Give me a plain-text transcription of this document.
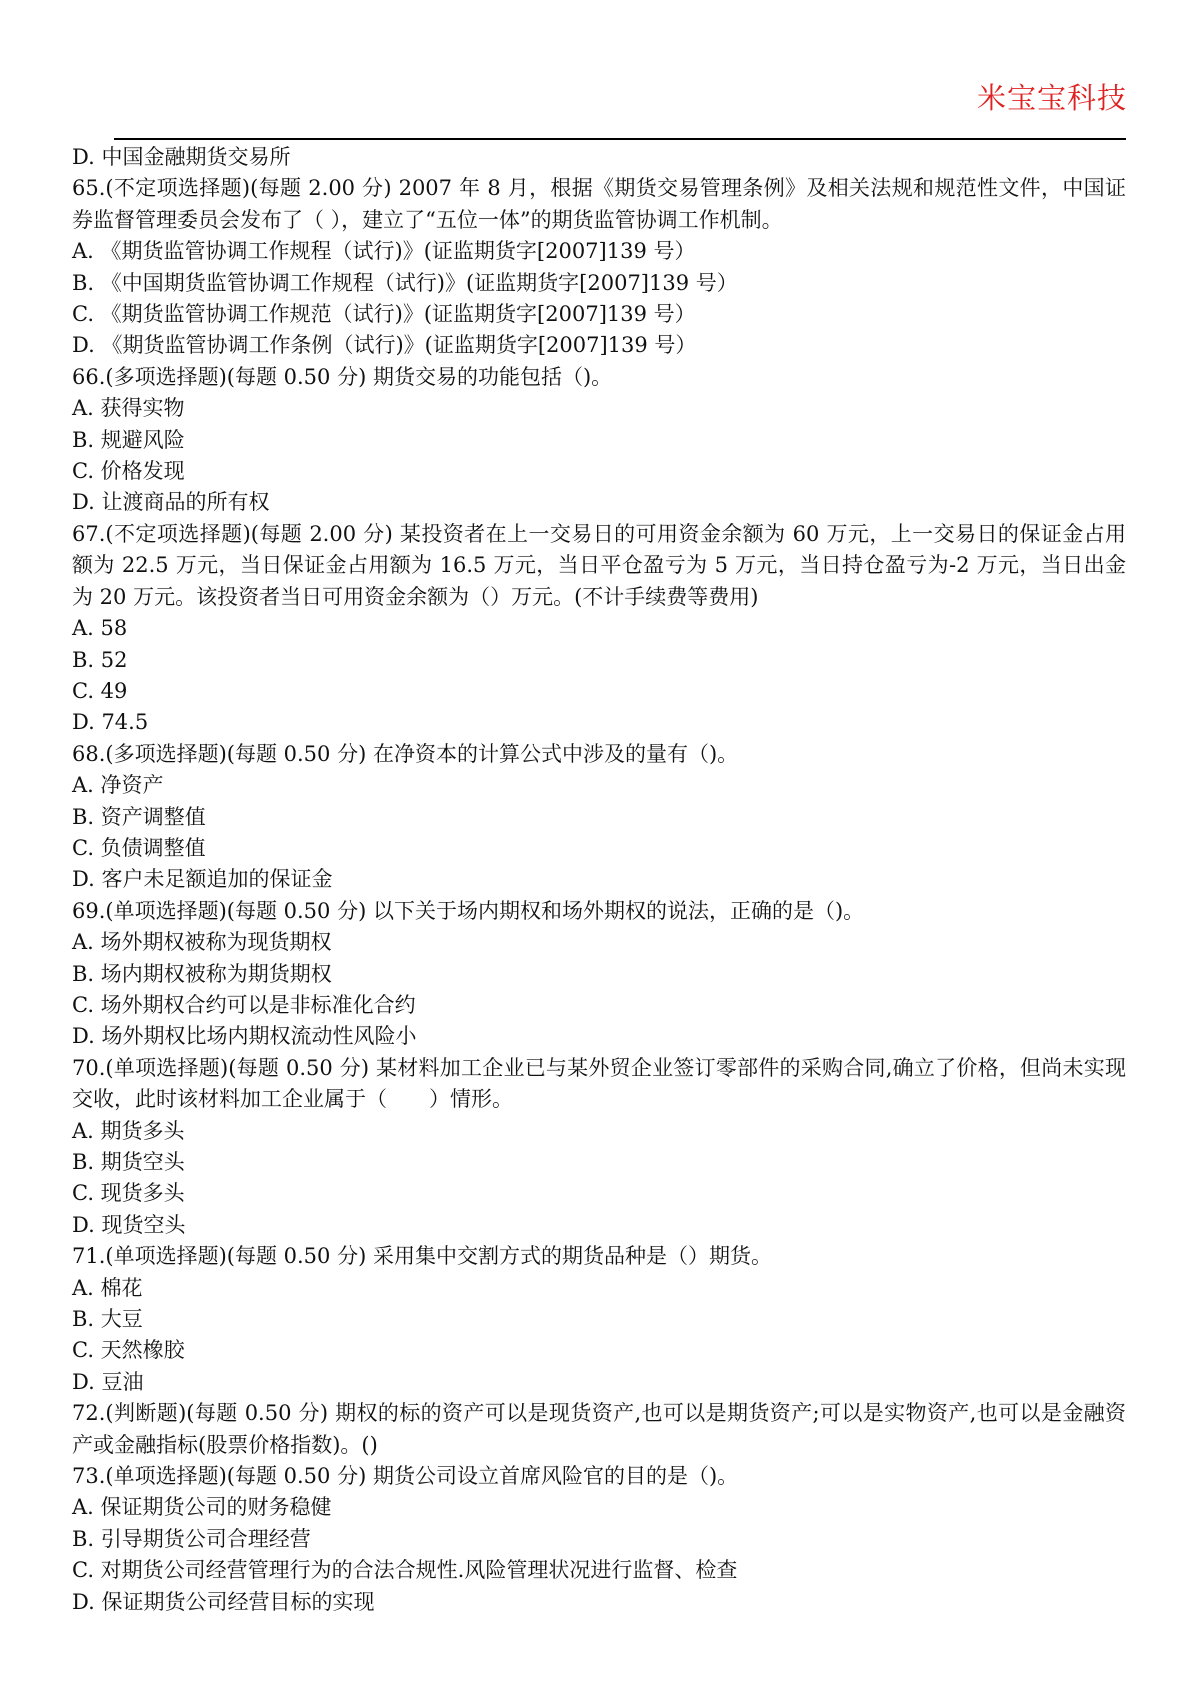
米宝宝科技
D. 中国金融期货交易所
65.(不定项选择题)(每题 2.00 分) 2007 年 8 月，根据《期货交易管理条例》及相关法规和规范性文件，中国证券监督管理委员会发布了（ ），建立了“五位一体”的期货监管协调工作机制。
A. 《期货监管协调工作规程（试行)》(证监期货字[2007]139 号）
B. 《中国期货监管协调工作规程（试行)》(证监期货字[2007]139 号）
C. 《期货监管协调工作规范（试行)》(证监期货字[2007]139 号）
D. 《期货监管协调工作条例（试行)》(证监期货字[2007]139 号）
66.(多项选择题)(每题 0.50 分) 期货交易的功能包括（)。
A. 获得实物
B. 规避风险
C. 价格发现
D. 让渡商品的所有权
67.(不定项选择题)(每题 2.00 分) 某投资者在上一交易日的可用资金余额为 60 万元，上一交易日的保证金占用额为 22.5 万元，当日保证金占用额为 16.5 万元，当日平仓盈亏为 5 万元，当日持仓盈亏为-2 万元，当日出金为 20 万元。该投资者当日可用资金余额为（）万元。(不计手续费等费用)
A. 58
B. 52
C. 49
D. 74.5
68.(多项选择题)(每题 0.50 分) 在净资本的计算公式中涉及的量有（)。
A. 净资产
B. 资产调整值
C. 负债调整值
D. 客户未足额追加的保证金
69.(单项选择题)(每题 0.50 分) 以下关于场内期权和场外期权的说法，正确的是（)。
A. 场外期权被称为现货期权
B. 场内期权被称为期货期权
C. 场外期权合约可以是非标准化合约
D. 场外期权比场内期权流动性风险小
70.(单项选择题)(每题 0.50 分) 某材料加工企业已与某外贸企业签订零部件的采购合同,确立了价格，但尚未实现交收，此时该材料加工企业属于（　　）情形。
A. 期货多头
B. 期货空头
C. 现货多头
D. 现货空头
71.(单项选择题)(每题 0.50 分) 采用集中交割方式的期货品种是（）期货。
A. 棉花
B. 大豆
C. 天然橡胶
D. 豆油
72.(判断题)(每题 0.50 分) 期权的标的资产可以是现货资产,也可以是期货资产;可以是实物资产,也可以是金融资产或金融指标(股票价格指数)。()
73.(单项选择题)(每题 0.50 分) 期货公司设立首席风险官的目的是（)。
A. 保证期货公司的财务稳健
B. 引导期货公司合理经营
C. 对期货公司经营管理行为的合法合规性.风险管理状况进行监督、检查
D. 保证期货公司经营目标的实现
